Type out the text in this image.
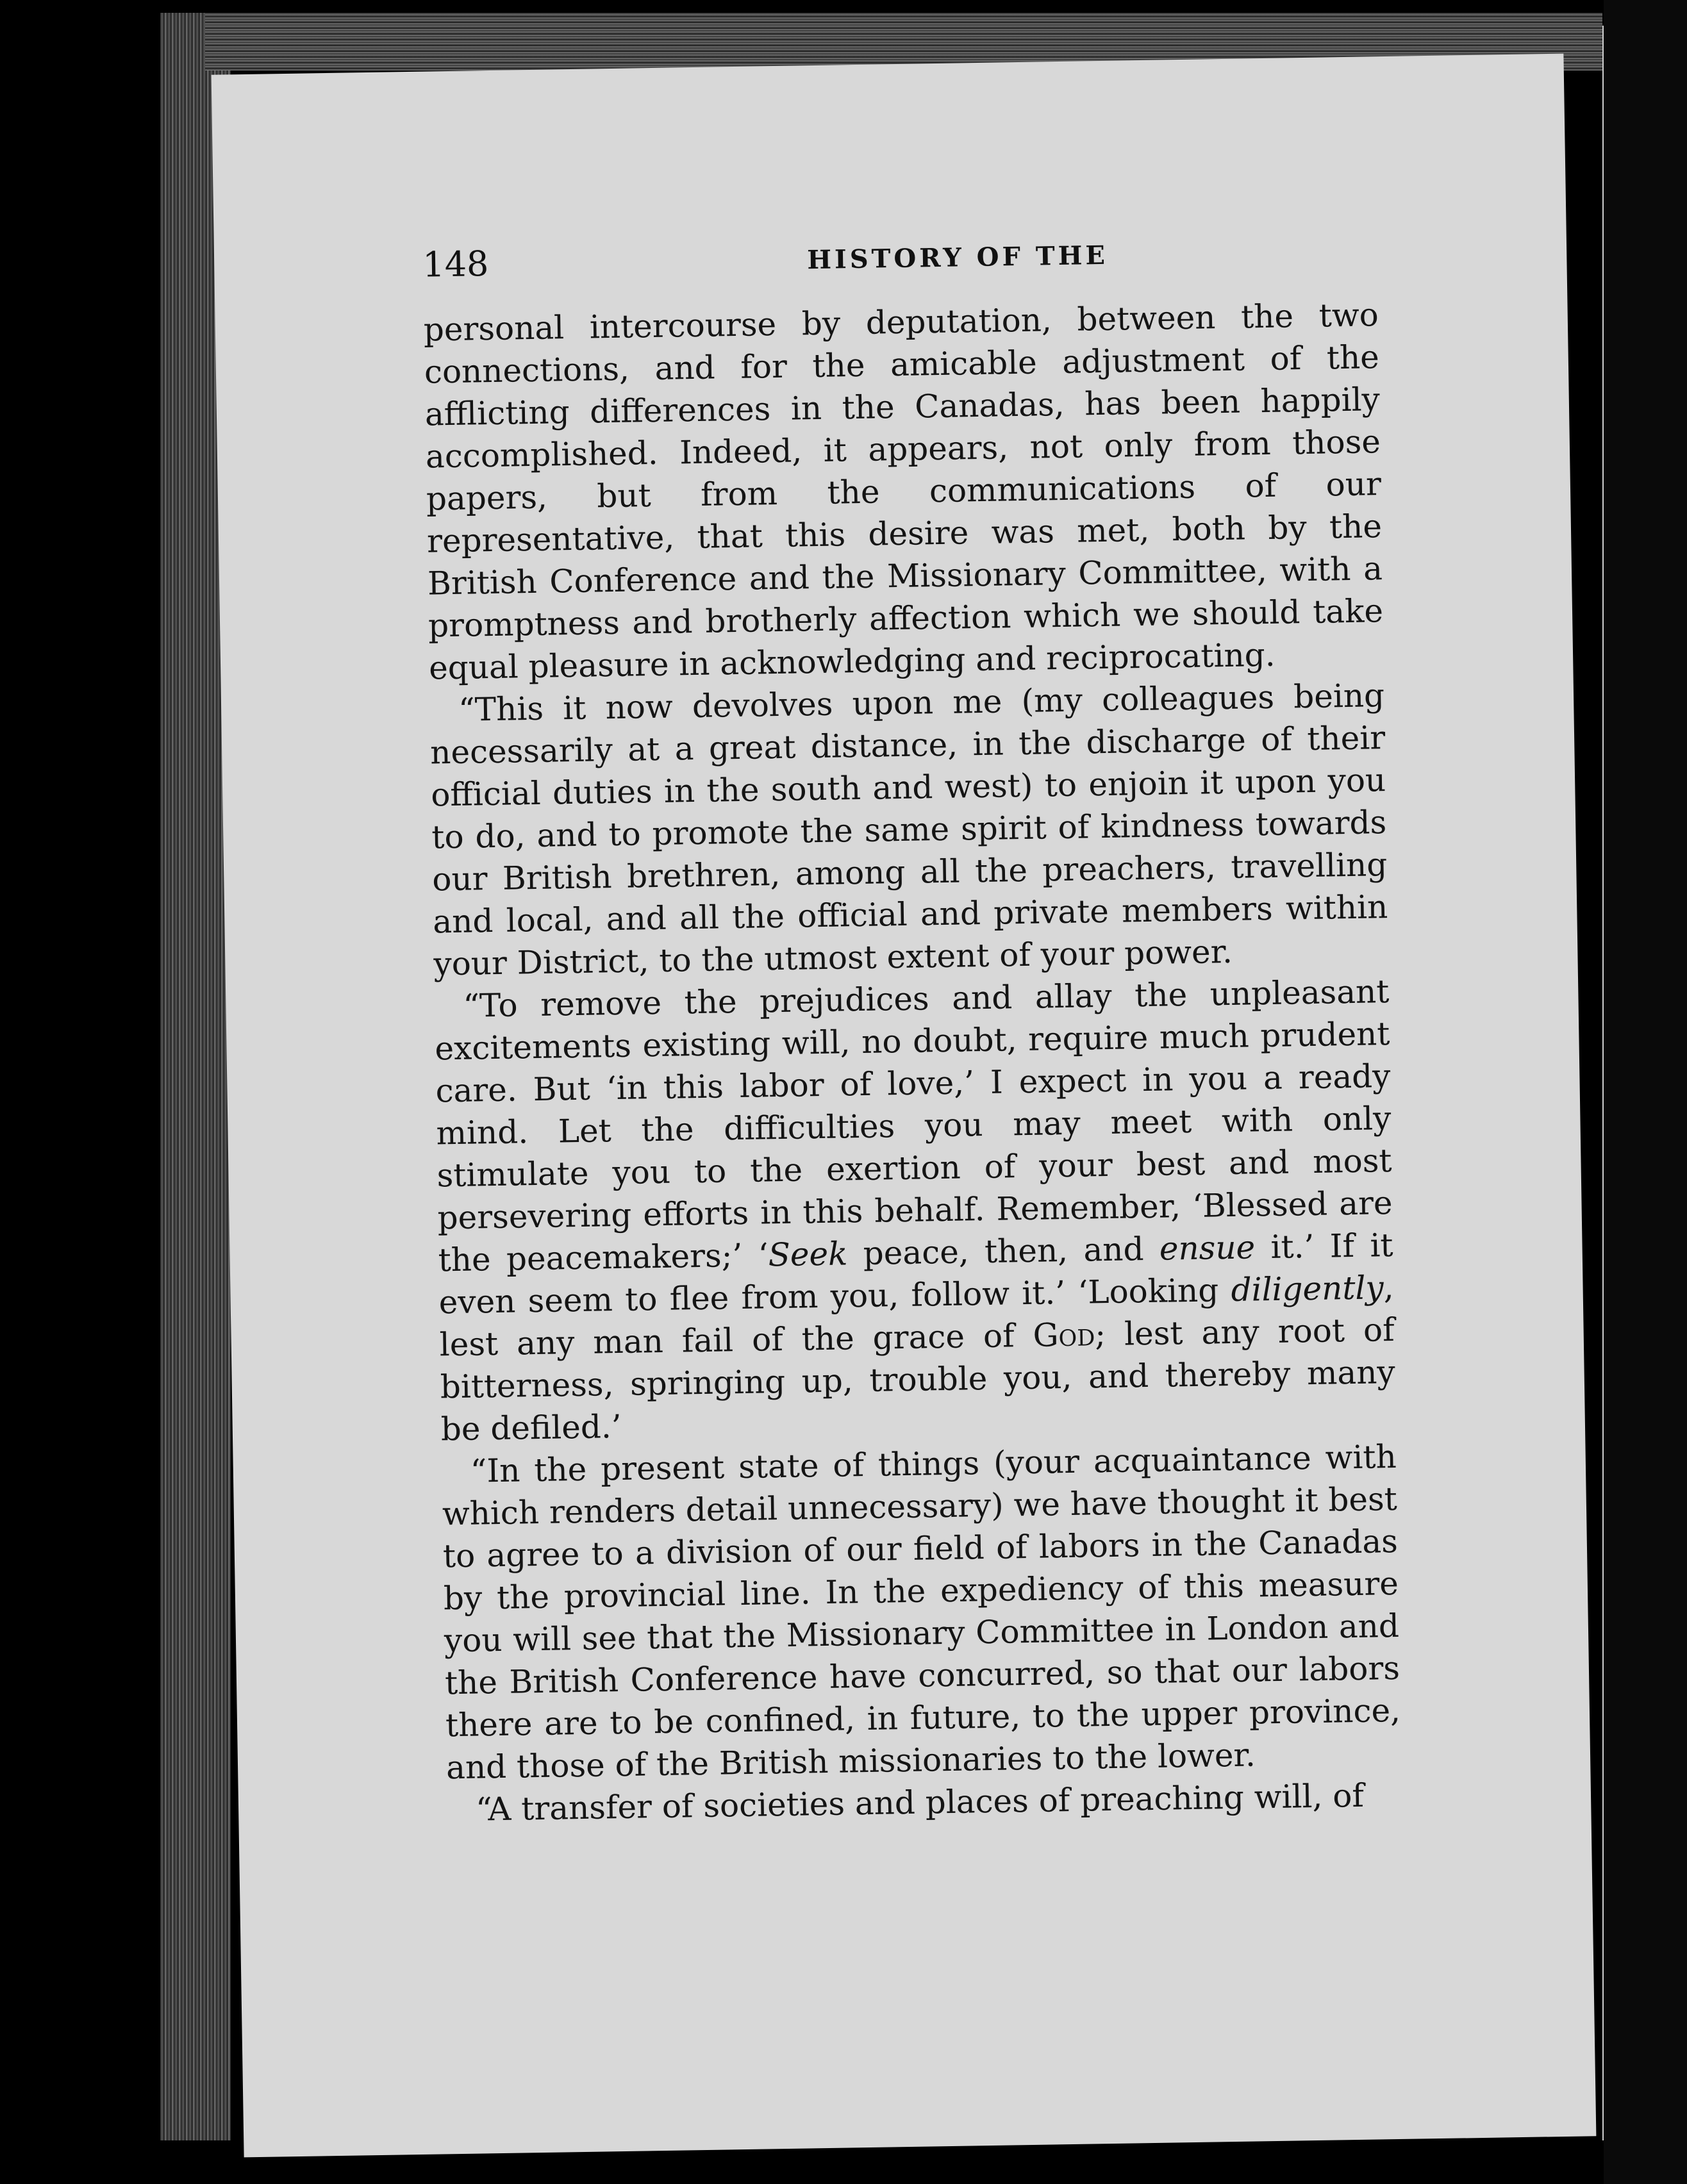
148	HISTORY OF THE

personal intercourse by deputation, between the two connections, and for the amicable adjustment of the afflicting differences in the Canadas, has been happily accomplished. Indeed, it appears, not only from those papers, but from the communications of our representative, that this desire was met, both by the British Conference and the Missionary Committee, with a promptness and brotherly affection which we should take equal pleasure in acknowledging and reciprocating.

“This it now devolves upon me (my colleagues being necessarily at a great distance, in the discharge of their official duties in the south and west) to enjoin it upon you to do, and to promote the same spirit of kindness towards our British brethren, among all the preachers, travelling and local, and all the official and private members within your District, to the utmost extent of your power.

“To remove the prejudices and allay the unpleasant excitements existing will, no doubt, require much prudent care. But ‘in this labor of love,’ I expect in you a ready mind. Let the difficulties you may meet with only stimulate you to the exertion of your best and most persevering efforts in this behalf. Remember, ‘Blessed are the peacemakers;’ ‘Seek peace, then, and ensue it.’ If it even seem to flee from you, follow it.’ ‘Looking diligently, lest any man fail of the grace of God; lest any root of bitterness, springing up, trouble you, and thereby many be defiled.’

“In the present state of things (your acquaintance with which renders detail unnecessary) we have thought it best to agree to a division of our field of labors in the Canadas by the provincial line. In the expediency of this measure you will see that the Missionary Committee in London and the British Conference have concurred, so that our labors there are to be confined, in future, to the upper province, and those of the British missionaries to the lower.

“A transfer of societies and places of preaching will, of
